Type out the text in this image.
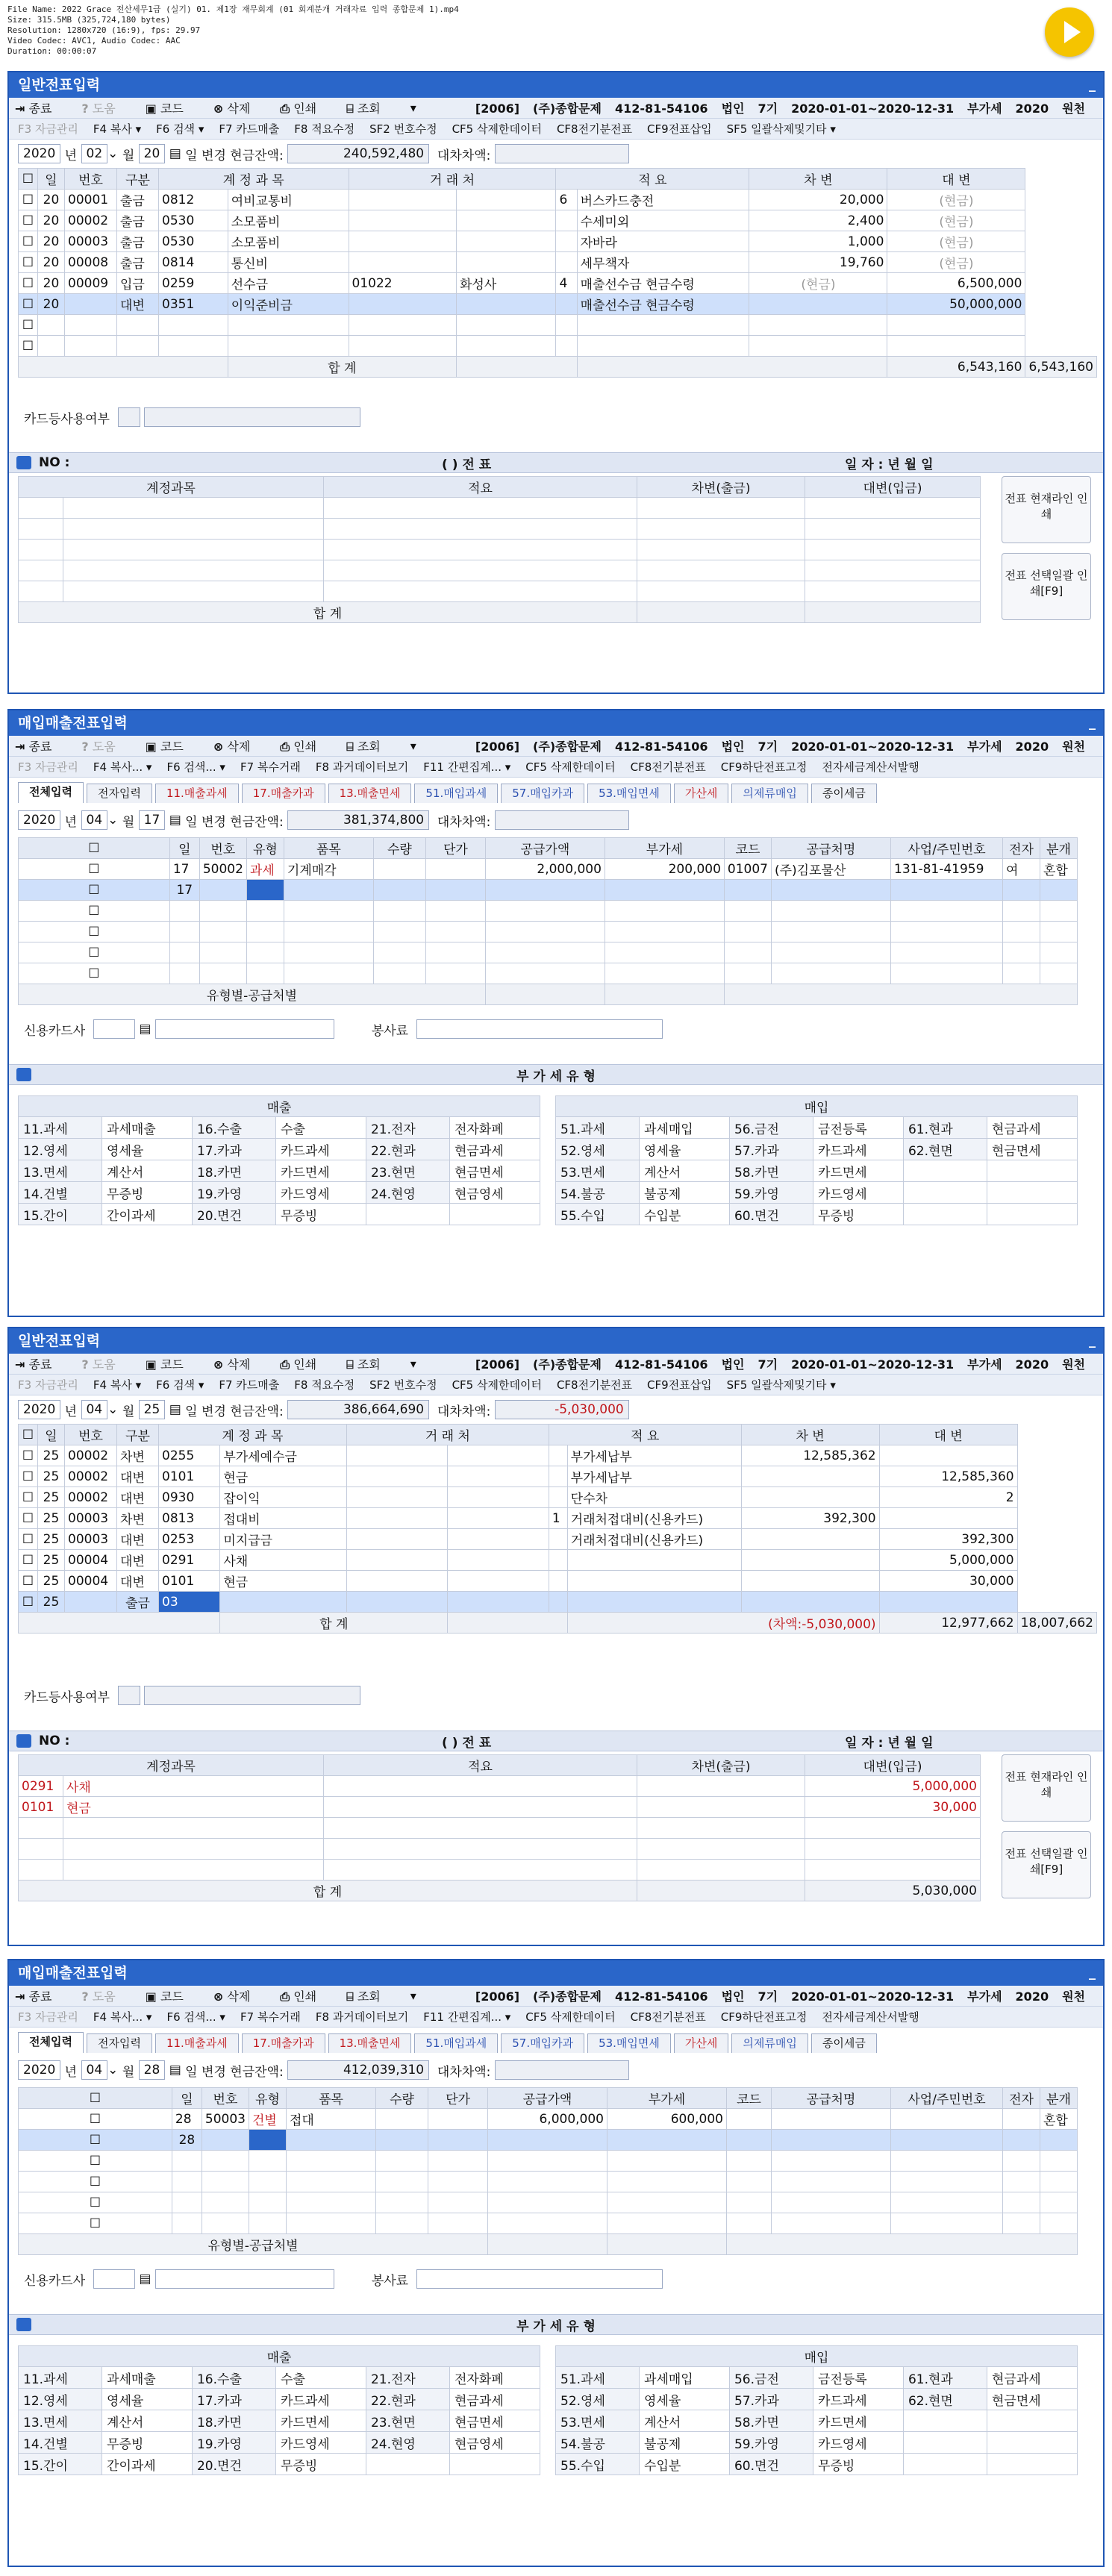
File Name: 2022 Grace 전산세무1급 (실기) 01. 제1장 재무회계 (01 회계분개 거래자료 입력 종합문제 1).mp4
Size: 315.5MB (325,724,180 bytes)
Resolution: 1280x720 (16:9), fps: 29.97
Video Codec: AVC1, Audio Codec: AAC
Duration: 00:00:07
일반전표입력	_
⇥ 종료	? 도움	▣ 코드	⊗ 삭제	⎙ 인쇄	⌸ 조회	▾	[2006] (주)종합문제 412-81-54106 법인 7기 2020-01-01~2020-12-31 부가세 2020 원천
F3 자금관리 F4 복사 ▾ F6 검색 ▾ F7 카드매출 F8 적요수정 SF2 번호수정 CF5 삭제한데이터 CF8전기분전표 CF9전표삽입 SF5 일괄삭제및기타 ▾
2020
년
02 ⌄ 월
20
▤
일
변경
현금잔액:
	240,592,480
	대차차액:

☐	일	번호	구분	계 정 과 목		거 래 처		적 요		차 변	대 변	
☐	20	00001	출금	0812	여비교통비			6	버스카드충전	20,000	(현금)	
☐	20	00002	출금	0530	소모품비				수세미외	2,400	(현금)	
☐	20	00003	출금	0530	소모품비				자바라	1,000	(현금)	
☐	20	00008	출금	0814	통신비				세무책자	19,760	(현금)	
☐	20	00009	입금	0259	선수금	01022	화성사	4	매출선수금 현금수령	(현금)	6,500,000	
☐	20		대변	0351	이익준비금				매출선수금 현금수령		50,000,000	
☐												
☐												
					합 계						6,543,160	6,543,160
카드등사용여부

NO :	( ) 전 표	일 자 : 년 월 일
계정과목		적요	차변(출금)	대변(입금)

합 계				
전표 현재라인 인쇄
전표 선택일괄 인쇄[F9]
매입매출전표입력	_
⇥ 종료	? 도움	▣ 코드	⊗ 삭제	⎙ 인쇄	⌸ 조회	▾	[2006] (주)종합문제 412-81-54106 법인 7기 2020-01-01~2020-12-31 부가세 2020 원천
F3 자금관리 F4 복사... ▾ F6 검색... ▾ F7 복수거래 F8 과거데이터보기 F11 간편집계... ▾ CF5 삭제한데이터 CF8전기분전표 CF9하단전표고정 전자세금계산서발행
전체입력	전자입력	11.매출과세	17.매출카과	13.매출면세	51.매입과세	57.매입카과	53.매입면세	가산세	의제류매입	종이세금
2020
년
04 ⌄ 월
17
▤
일
변경
현금잔액:
	381,374,800
	대차차액:

☐	일	번호	유형	품목	수량	단가	공급가액	부가세	코드	공급처명	사업/주민번호	전자	분개
☐	17	50002	과세	기계매각			2,000,000	200,000	01007	(주)김포물산	131-81-41959	여	혼합
☐	17												
☐													
☐													
☐													
☐													
유형별-공급처별													
신용카드사

	▤
	봉사료

부 가 세 유 형
매출					
11.과세	과세매출	16.수출	수출	21.전자	전자화폐
12.영세	영세율	17.카과	카드과세	22.현과	현금과세
13.면세	계산서	18.카면	카드면세	23.현면	현금면세
14.건별	무증빙	19.카영	카드영세	24.현영	현금영세
15.간이	간이과세	20.면건	무증빙		
매입					
51.과세	과세매입	56.금전	금전등록	61.현과	현금과세
52.영세	영세율	57.카과	카드과세	62.현면	현금면세
53.면세	계산서	58.카면	카드면세		
54.불공	불공제	59.카영	카드영세		
55.수입	수입분	60.면건	무증빙		
일반전표입력	_
⇥ 종료	? 도움	▣ 코드	⊗ 삭제	⎙ 인쇄	⌸ 조회	▾	[2006] (주)종합문제 412-81-54106 법인 7기 2020-01-01~2020-12-31 부가세 2020 원천
F3 자금관리 F4 복사 ▾ F6 검색 ▾ F7 카드매출 F8 적요수정 SF2 번호수정 CF5 삭제한데이터 CF8전기분전표 CF9전표삽입 SF5 일괄삭제및기타 ▾
2020
년
04 ⌄ 월
25
▤
일
변경
현금잔액:
	386,664,690
	대차차액:
	-5,030,000
☐	일	번호	구분	계 정 과 목		거 래 처		적 요		차 변	대 변	
☐	25	00002	차변	0255	부가세예수금				부가세납부	12,585,362		
☐	25	00002	대변	0101	현금				부가세납부		12,585,360	
☐	25	00002	대변	0930	잡이익				단수차		2	
☐	25	00003	차변	0813	접대비			1	거래처접대비(신용카드)	392,300		
☐	25	00003	대변	0253	미지급금				거래처접대비(신용카드)		392,300	
☐	25	00004	대변	0291	사채						5,000,000	
☐	25	00004	대변	0101	현금						30,000	
☐	25		출금	03								
					합 계				(차액:-5,030,000)		12,977,662	18,007,662
카드등사용여부

NO :	( ) 전 표	일 자 : 년 월 일
계정과목		적요	차변(출금)	대변(입금)
0291	사채			5,000,000
0101	현금			30,000

합 계				5,030,000
전표 현재라인 인쇄
전표 선택일괄 인쇄[F9]
매입매출전표입력	_
⇥ 종료	? 도움	▣ 코드	⊗ 삭제	⎙ 인쇄	⌸ 조회	▾	[2006] (주)종합문제 412-81-54106 법인 7기 2020-01-01~2020-12-31 부가세 2020 원천
F3 자금관리 F4 복사... ▾ F6 검색... ▾ F7 복수거래 F8 과거데이터보기 F11 간편집계... ▾ CF5 삭제한데이터 CF8전기분전표 CF9하단전표고정 전자세금계산서발행
전체입력	전자입력	11.매출과세	17.매출카과	13.매출면세	51.매입과세	57.매입카과	53.매입면세	가산세	의제류매입	종이세금
2020
년
04 ⌄ 월
28
▤
일
변경
현금잔액:
	412,039,310
	대차차액:

☐	일	번호	유형	품목	수량	단가	공급가액	부가세	코드	공급처명	사업/주민번호	전자	분개
☐	28	50003	건별	접대			6,000,000	600,000					혼합
☐	28												
☐													
☐													
☐													
☐													
유형별-공급처별													
신용카드사

	▤
	봉사료

부 가 세 유 형
매출					
11.과세	과세매출	16.수출	수출	21.전자	전자화폐
12.영세	영세율	17.카과	카드과세	22.현과	현금과세
13.면세	계산서	18.카면	카드면세	23.현면	현금면세
14.건별	무증빙	19.카영	카드영세	24.현영	현금영세
15.간이	간이과세	20.면건	무증빙		
매입					
51.과세	과세매입	56.금전	금전등록	61.현과	현금과세
52.영세	영세율	57.카과	카드과세	62.현면	현금면세
53.면세	계산서	58.카면	카드면세		
54.불공	불공제	59.카영	카드영세		
55.수입	수입분	60.면건	무증빙		
